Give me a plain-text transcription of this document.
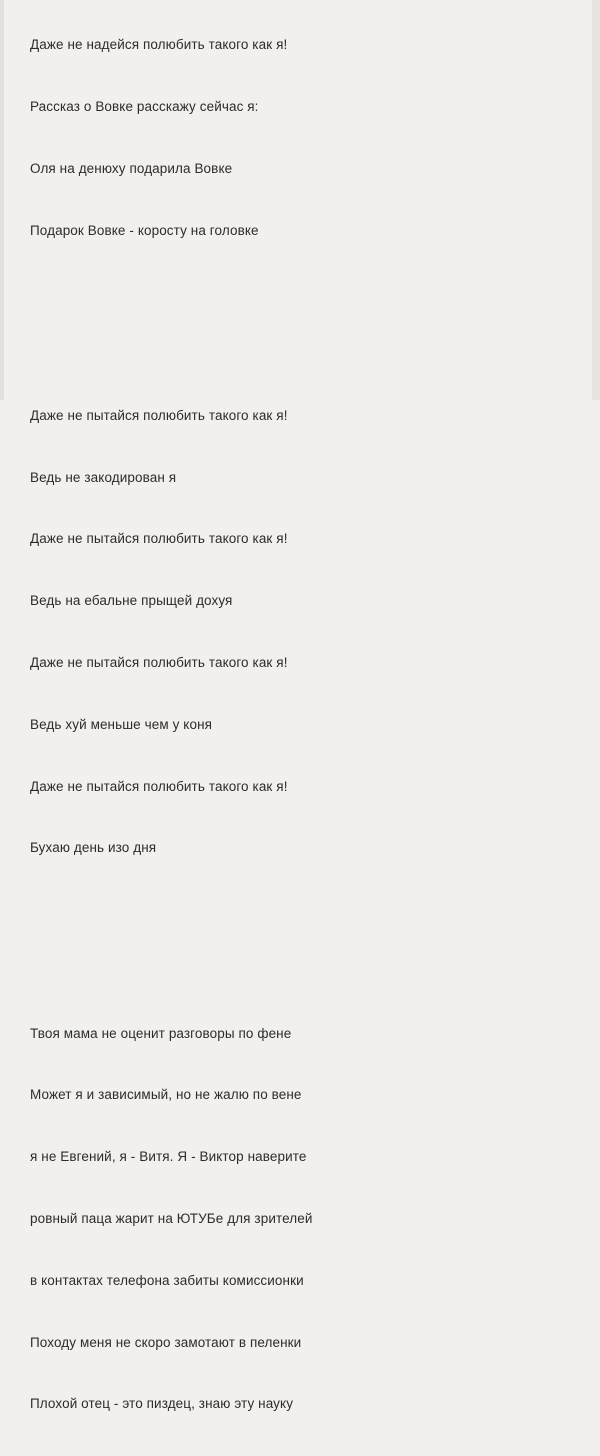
Даже не надейся полюбить такого как я!

Рассказ о Вовке расскажу сейчас я:

Оля на денюху подарила Вовке

Подарок Вовке - коросту на головке

Даже не пытайся полюбить такого как я!

Ведь не закодирован я

Даже не пытайся полюбить такого как я!

Ведь на ебальне прыщей дохуя

Даже не пытайся полюбить такого как я!

Ведь хуй меньше чем у коня

Даже не пытайся полюбить такого как я!

Бухаю день изо дня

Твоя мама не оценит разговоры по фене

Может я и зависимый, но не жалю по вене

я не Евгений, я - Витя. Я - Виктор наверите

ровный паца жарит на ЮТУБе для зрителей

в контактах телефона забиты комиссионки

Походу меня не скоро замотают в пеленки

Плохой отец - это пиздец, знаю эту науку
